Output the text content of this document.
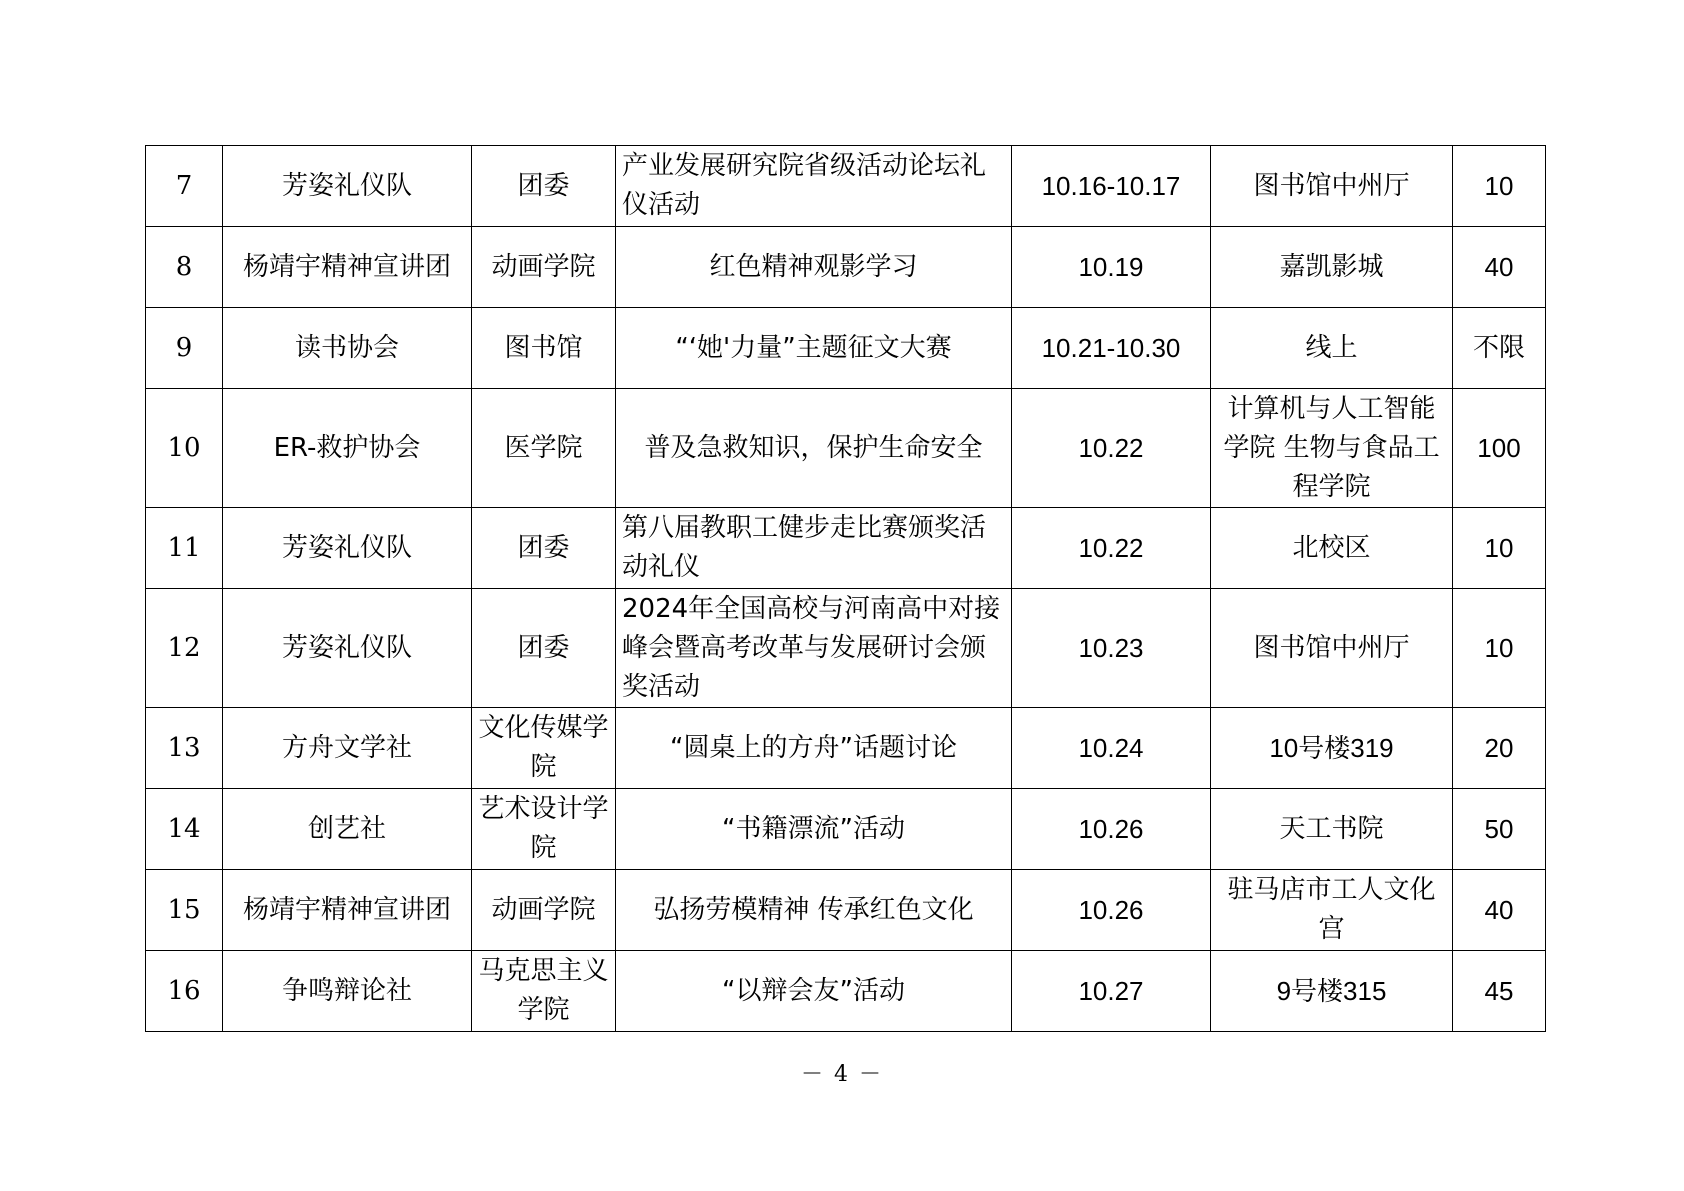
7	芳姿礼仪队	团委	产业发展研究院省级活动论坛礼仪活动	10.16-10.17	图书馆中州厅	10
8	杨靖宇精神宣讲团	动画学院	红色精神观影学习	10.19	嘉凯影城	40
9	读书协会	图书馆	“‘她'力量”主题征文大赛	10.21-10.30	线上	不限
10	ER-救护协会	医学院	普及急救知识，保护生命安全	10.22	计算机与人工智能学院 生物与食品工程学院	100
11	芳姿礼仪队	团委	第八届教职工健步走比赛颁奖活动礼仪	10.22	北校区	10
12	芳姿礼仪队	团委	2024年全国高校与河南高中对接峰会暨高考改革与发展研讨会颁奖活动	10.23	图书馆中州厅	10
13	方舟文学社	文化传媒学院	“圆桌上的方舟”话题讨论	10.24	10号楼319	20
14	创艺社	艺术设计学院	“书籍漂流”活动	10.26	天工书院	50
15	杨靖宇精神宣讲团	动画学院	弘扬劳模精神 传承红色文化	10.26	驻马店市工人文化宫	40
16	争鸣辩论社	马克思主义学院	“以辩会友”活动	10.27	9号楼315	45
－ 4 －
